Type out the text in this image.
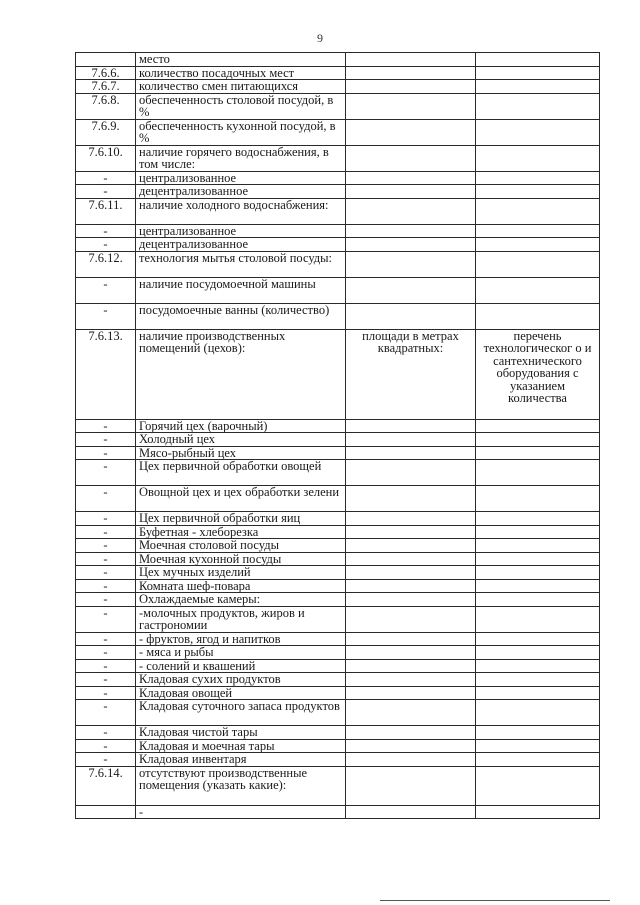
9
	место		
7.6.6.	количество посадочных мест		
7.6.7.	количество смен питающихся		
7.6.8.	обеспеченность столовой посудой, в %		
7.6.9.	обеспеченность кухонной посудой, в %		
7.6.10.	наличие горячего водоснабжения, в том числе:		
-	централизованное		
-	децентрализованное		
7.6.11.	наличие холодного водоснабжения:		
-	централизованное		
-	децентрализованное		
7.6.12.	технология мытья столовой посуды:		
-	наличие посудомоечной машины		
-	посудомоечные ванны (количество)		
7.6.13.	наличие производственных помещений (цехов):	площади в метрах квадратных:	перечень технологическог о и сантехнического оборудования с указанием количества
-	Горячий цех (варочный)		
-	Холодный цех		
-	Мясо-рыбный цех		
-	Цех первичной обработки овощей		
-	Овощной цех и цех обработки зелени		
-	Цех первичной обработки яиц		
-	Буфетная - хлеборезка		
-	Моечная столовой посуды		
-	Моечная кухонной посуды		
-	Цех мучных изделий		
-	Комната шеф-повара		
-	Охлаждаемые камеры:		
-	-молочных продуктов, жиров и гастрономии		
-	- фруктов, ягод и напитков		
-	- мяса и рыбы		
-	- солений и квашений		
-	Кладовая сухих продуктов		
-	Кладовая овощей		
-	Кладовая суточного запаса продуктов		
-	Кладовая чистой тары		
-	Кладовая и моечная тары		
-	Кладовая инвентаря		
7.6.14.	отсутствуют производственные помещения (указать какие):		
	-		
